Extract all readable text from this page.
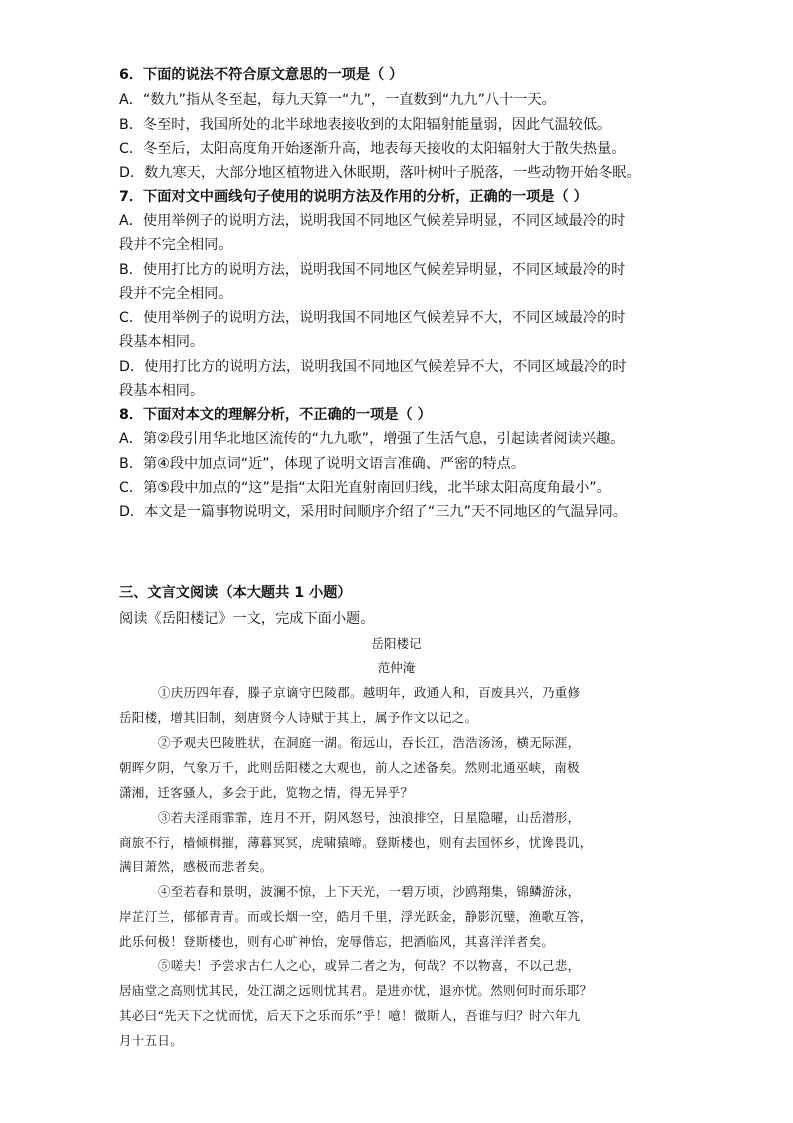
6．下面的说法不符合原文意思的一项是（ ）
A．“数九”指从冬至起，每九天算一“九”，一直数到“九九”八十一天。
B．冬至时，我国所处的北半球地表接收到的太阳辐射能量弱，因此气温较低。
C．冬至后，太阳高度角开始逐渐升高，地表每天接收的太阳辐射大于散失热量。
D．数九寒天，大部分地区植物进入休眠期，落叶树叶子脱落，一些动物开始冬眠。
7．下面对文中画线句子使用的说明方法及作用的分析，正确的一项是（ ）
A．使用举例子的说明方法，说明我国不同地区气候差异明显，不同区域最冷的时
段并不完全相同。
B．使用打比方的说明方法，说明我国不同地区气候差异明显，不同区域最冷的时
段并不完全相同。
C．使用举例子的说明方法，说明我国不同地区气候差异不大，不同区域最冷的时
段基本相同。
D．使用打比方的说明方法，说明我国不同地区气候差异不大，不同区域最冷的时
段基本相同。
8．下面对本文的理解分析，不正确的一项是（ ）
A．第②段引用华北地区流传的“九九歌”，增强了生活气息，引起读者阅读兴趣。
B．第④段中加点词“近”，体现了说明文语言准确、严密的特点。
C．第⑤段中加点的“这”是指“太阳光直射南回归线，北半球太阳高度角最小”。
D．本文是一篇事物说明文，采用时间顺序介绍了“三九”天不同地区的气温异同。
三、文言文阅读（本大题共 1 小题）
阅读《岳阳楼记》一文，完成下面小题。
岳阳楼记
范仲淹
①庆历四年春，滕子京谪守巴陵郡。越明年，政通人和，百废具兴，乃重修
岳阳楼，增其旧制，刻唐贤今人诗赋于其上，属予作文以记之。
②予观夫巴陵胜状，在洞庭一湖。衔远山，吞长江，浩浩汤汤，横无际涯，
朝晖夕阴，气象万千，此则岳阳楼之大观也，前人之述备矣。然则北通巫峡，南极
潇湘，迁客骚人，多会于此，览物之情，得无异乎？
③若夫淫雨霏霏，连月不开，阴风怒号，浊浪排空，日星隐曜，山岳潜形，
商旅不行，樯倾楫摧，薄暮冥冥，虎啸猿啼。登斯楼也，则有去国怀乡，忧谗畏讥，
满目萧然，感极而悲者矣。
④至若春和景明，波澜不惊，上下天光，一碧万顷，沙鸥翔集，锦鳞游泳，
岸芷汀兰，郁郁青青。而或长烟一空，皓月千里，浮光跃金，静影沉璧，渔歌互答，
此乐何极！登斯楼也，则有心旷神怡，宠辱偕忘，把酒临风，其喜洋洋者矣。
⑤嗟夫！予尝求古仁人之心，或异二者之为，何哉？不以物喜，不以己悲，
居庙堂之高则忧其民，处江湖之远则忧其君。是进亦忧，退亦忧。然则何时而乐耶？
其必曰“先天下之忧而忧，后天下之乐而乐”乎！噫！微斯人，吾谁与归？时六年九
月十五日。
